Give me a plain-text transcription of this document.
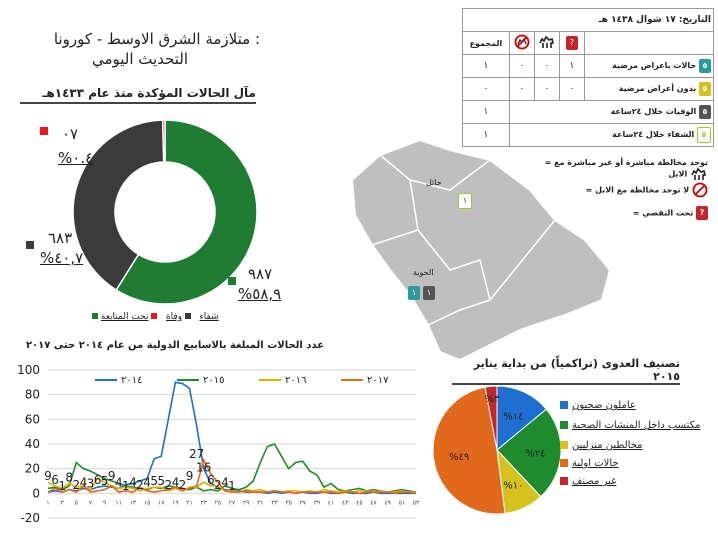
متلازمة الشرق الاوسط - كورونا :
التحديث اليومي
مآل الحالات المؤكدة منذ عام ١٤٣٣هـ
٠٧
%٠.٤
٦٨٣
%٤٠,٧
٩٨٧
%٥٨,٩
شفاء    وفاة    تحت المتابعة
التاريخ: ١٧ شوال ١٤٣٨ هـ				
المجموع			?	
١	٠	٠	١	حالات باعراض مرضية ٥
٠	٠	٠	٠	بدون أعراض مرضية ٥
١	الوفيات خلال ٢٤ساعة ٥			
١	الشفاء خلال ٢٤ساعة ٥			
حائل
١
الحوية
١	١
= توجد مخالطة مباشرة أو غير مباشرة مع الابل
= لا توجد مخالطة مع الابل
= تحت التقصي ?
عدد الحالات المبلغة بالاسابيع الدولية من عام ٢٠١٤ حتى ٢٠١٧
-20
0
20
40
60
80
100
١ ٣ ٥ ٧ ٩ ١١ ١٣ ١٥ ١٧ ١٩ ٢١ ٢٣ ٢٥ ٢٧ ٢٩ ٣١ ٣٣ ٣٥ ٣٧ ٣٩ ٤١ ٤٣ ٤٥ ٤٧ ٤٩ ٥١ ٥٣
٢٠١٤	٢٠١٥	٢٠١٦	٢٠١٧
9 6 1
8
2 4 3 6 5 9 4 1 4 2 4 5 5 2 4 2
9
27
16
6 2 4 1
تصنيف العدوى (تراكمياً) من بداية يناير ٢٠١٥
%١٤
%٢٤
%١٠
%٤٩
%٣
عاملون صحيون
مكتسب داخل المنشات الصحية
مخالطين منزليين
حالات اولية
غير مصنف
